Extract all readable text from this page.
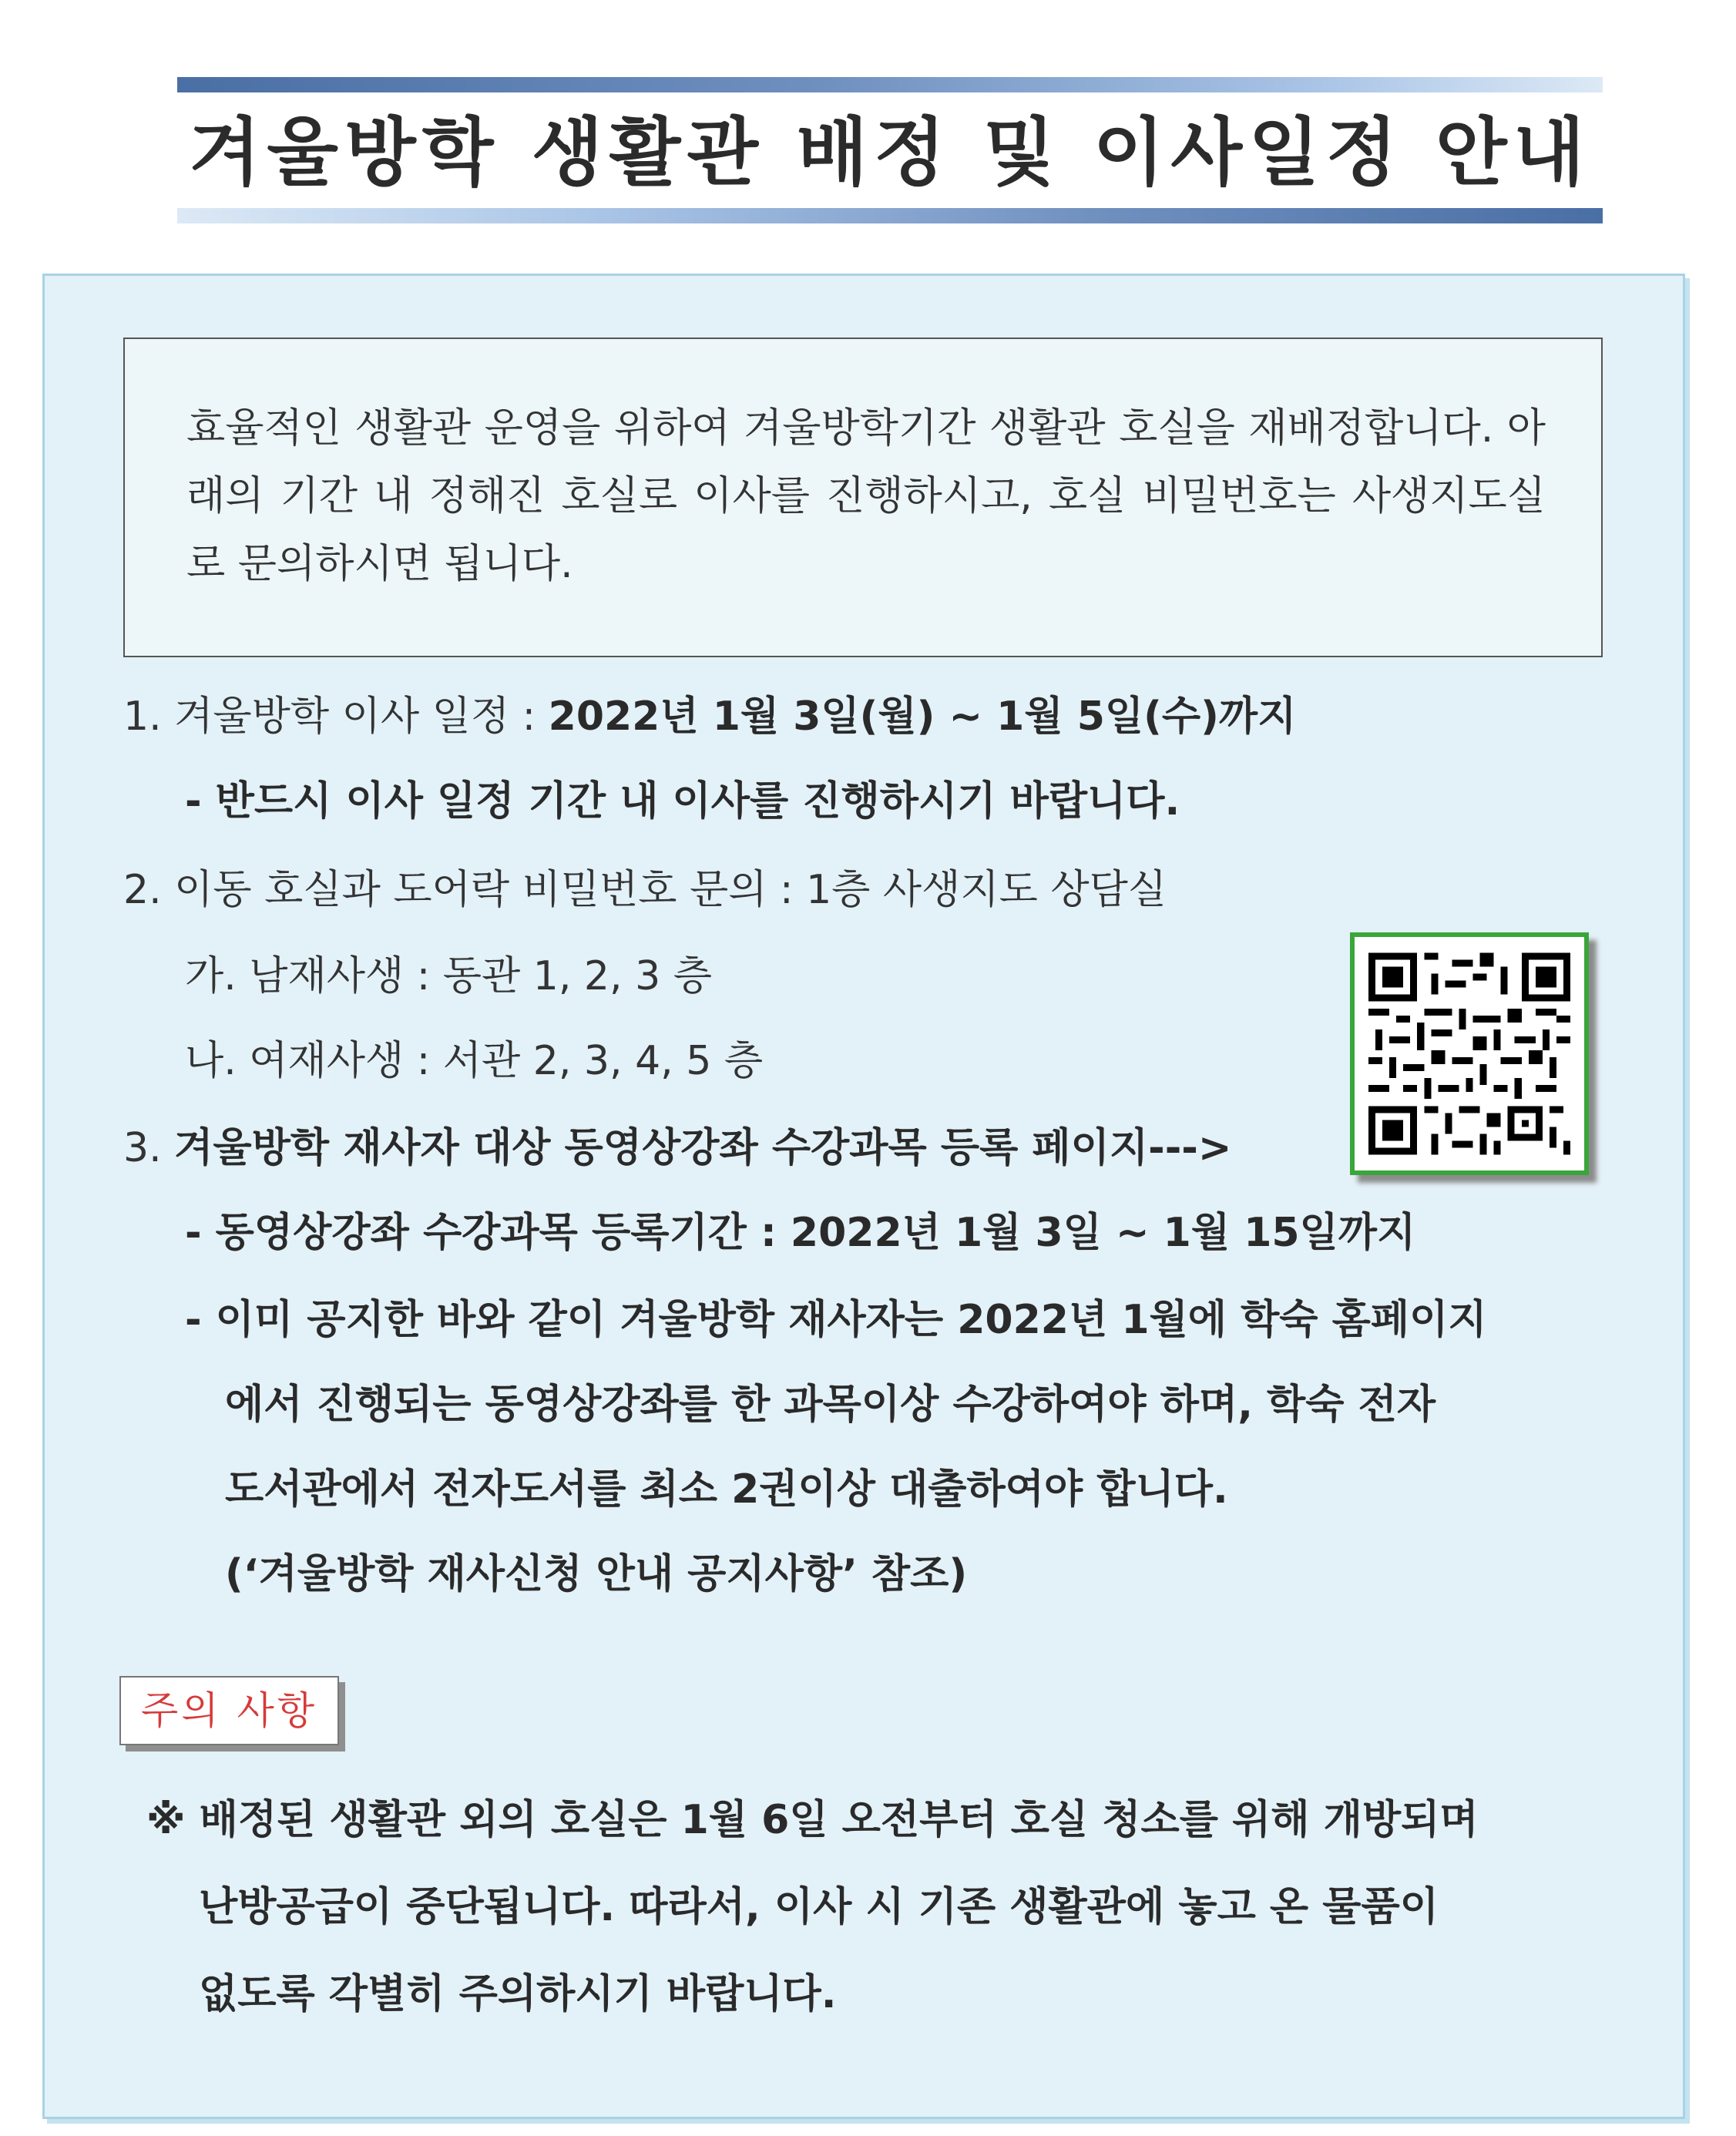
겨울방학 생활관 배정 및 이사일정 안내
효율적인 생활관 운영을 위하여 겨울방학기간 생활관 호실을 재배정합니다. 아래의 기간 내 정해진 호실로 이사를 진행하시고, 호실 비밀번호는 사생지도실로 문의하시면 됩니다.
1. 겨울방학 이사 일정 : 2022년 1월 3일(월) ~ 1월 5일(수)까지
- 반드시 이사 일정 기간 내 이사를 진행하시기 바랍니다.
2. 이동 호실과 도어락 비밀번호 문의 : 1층 사생지도 상담실
가. 남재사생 : 동관 1, 2, 3 층
나. 여재사생 : 서관 2, 3, 4, 5 층
3. 겨울방학 재사자 대상 동영상강좌 수강과목 등록 페이지--->
- 동영상강좌 수강과목 등록기간 : 2022년 1월 3일 ~ 1월 15일까지
- 이미 공지한 바와 같이 겨울방학 재사자는 2022년 1월에 학숙 홈페이지
에서 진행되는 동영상강좌를 한 과목이상 수강하여야 하며, 학숙 전자
도서관에서 전자도서를 최소 2권이상 대출하여야 합니다.
(‘겨울방학 재사신청 안내 공지사항’ 참조)
주의 사항
※ 배정된 생활관 외의 호실은 1월 6일 오전부터 호실 청소를 위해 개방되며
난방공급이 중단됩니다. 따라서, 이사 시 기존 생활관에 놓고 온 물품이
없도록 각별히 주의하시기 바랍니다.
